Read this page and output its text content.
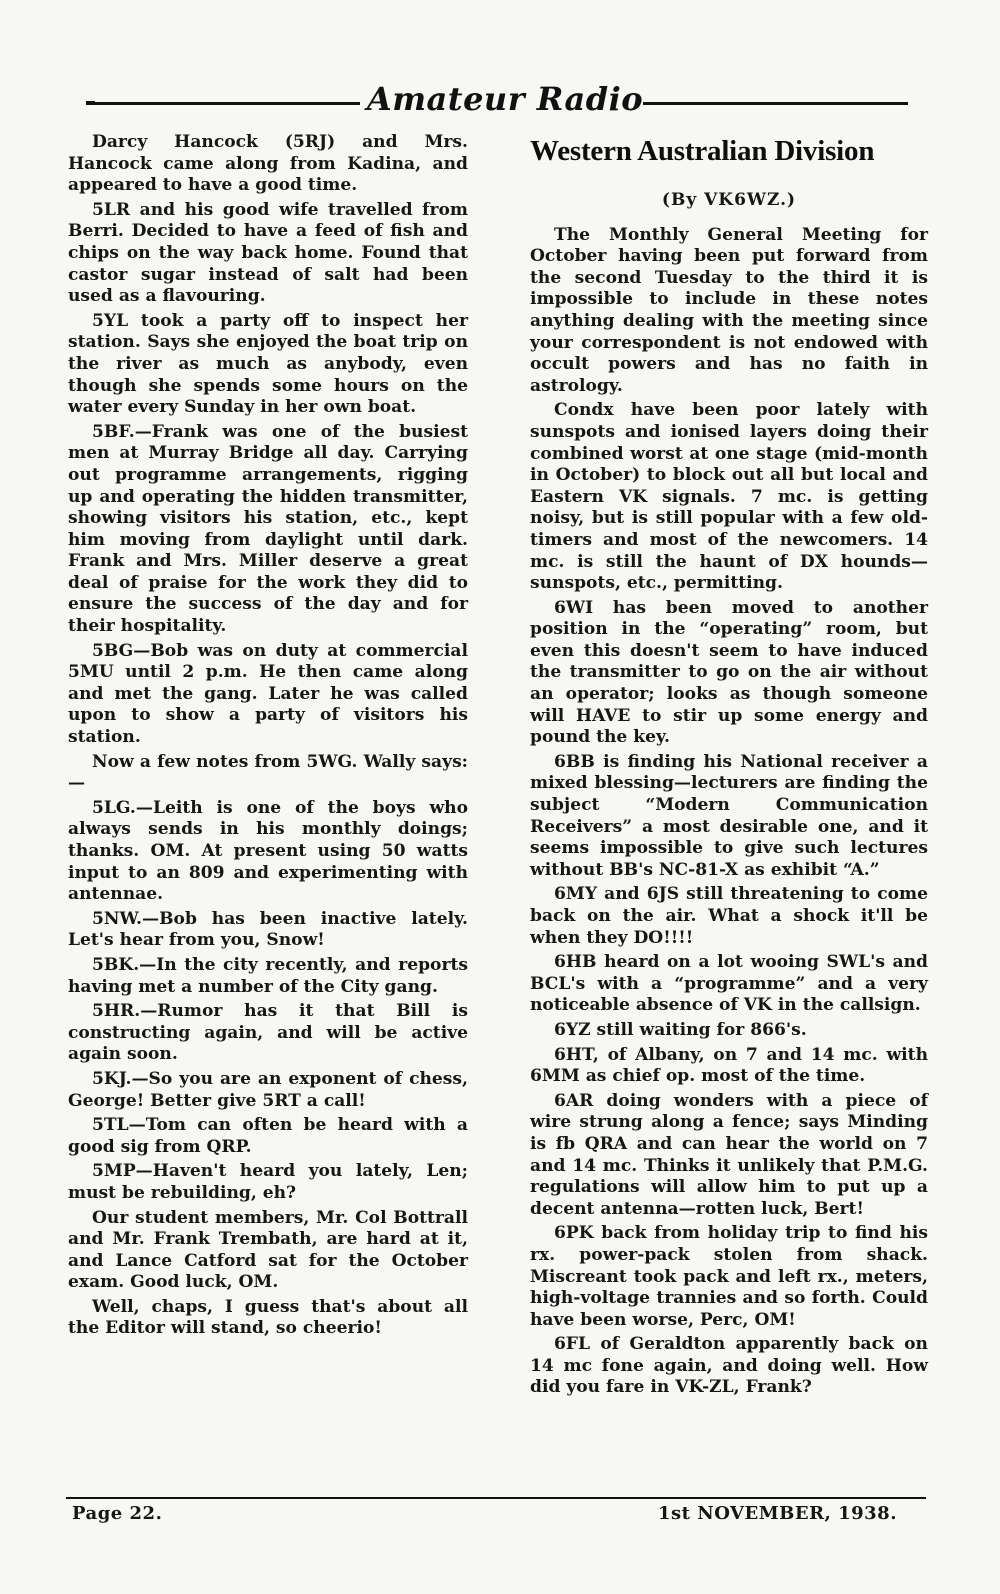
Amateur Radio

Darcy Hancock (5RJ) and Mrs. Hancock came along from Kadina, and appeared to have a good time.

5LR and his good wife travelled from Berri. Decided to have a feed of fish and chips on the way back home. Found that castor sugar instead of salt had been used as a flavouring.

5YL took a party off to inspect her station. Says she enjoyed the boat trip on the river as much as anybody, even though she spends some hours on the water every Sunday in her own boat.

5BF.—Frank was one of the busiest men at Murray Bridge all day. Carrying out programme arrangements, rigging up and operating the hidden transmitter, showing visitors his station, etc., kept him moving from daylight until dark. Frank and Mrs. Miller deserve a great deal of praise for the work they did to ensure the success of the day and for their hospitality.

5BG—Bob was on duty at commercial 5MU until 2 p.m. He then came along and met the gang. Later he was called upon to show a party of visitors his station.

Now a few notes from 5WG. Wally says:—

5LG.—Leith is one of the boys who always sends in his monthly doings; thanks. OM. At present using 50 watts input to an 809 and experimenting with antennae.

5NW.—Bob has been inactive lately. Let's hear from you, Snow!

5BK.—In the city recently, and reports having met a number of the City gang.

5HR.—Rumor has it that Bill is constructing again, and will be active again soon.

5KJ.—So you are an exponent of chess, George! Better give 5RT a call!

5TL—Tom can often be heard with a good sig from QRP.

5MP—Haven't heard you lately, Len; must be rebuilding, eh?

Our student members, Mr. Col Bottrall and Mr. Frank Trembath, are hard at it, and Lance Catford sat for the October exam. Good luck, OM.

Well, chaps, I guess that's about all the Editor will stand, so cheerio!

Western Australian Division
(By VK6WZ.)

The Monthly General Meeting for October having been put forward from the second Tuesday to the third it is impossible to include in these notes anything dealing with the meeting since your correspondent is not endowed with occult powers and has no faith in astrology.

Condx have been poor lately with sunspots and ionised layers doing their combined worst at one stage (mid-month in October) to block out all but local and Eastern VK signals. 7 mc. is getting noisy, but is still popular with a few old-timers and most of the newcomers. 14 mc. is still the haunt of DX hounds—sunspots, etc., permitting.

6WI has been moved to another position in the “operating” room, but even this doesn't seem to have induced the transmitter to go on the air without an operator; looks as though someone will HAVE to stir up some energy and pound the key.

6BB is finding his National receiver a mixed blessing—lecturers are finding the subject “Modern Communication Receivers” a most desirable one, and it seems impossible to give such lectures without BB's NC-81-X as exhibit “A.”

6MY and 6JS still threatening to come back on the air. What a shock it'll be when they DO!!!!

6HB heard on a lot wooing SWL's and BCL's with a “programme” and a very noticeable absence of VK in the callsign.

6YZ still waiting for 866's.

6HT, of Albany, on 7 and 14 mc. with 6MM as chief op. most of the time.

6AR doing wonders with a piece of wire strung along a fence; says Minding is fb QRA and can hear the world on 7 and 14 mc. Thinks it unlikely that P.M.G. regulations will allow him to put up a decent antenna—rotten luck, Bert!

6PK back from holiday trip to find his rx. power-pack stolen from shack. Miscreant took pack and left rx., meters, high-voltage trannies and so forth. Could have been worse, Perc, OM!

6FL of Geraldton apparently back on 14 mc fone again, and doing well. How did you fare in VK-ZL, Frank?

Page 22.	1st NOVEMBER, 1938.
